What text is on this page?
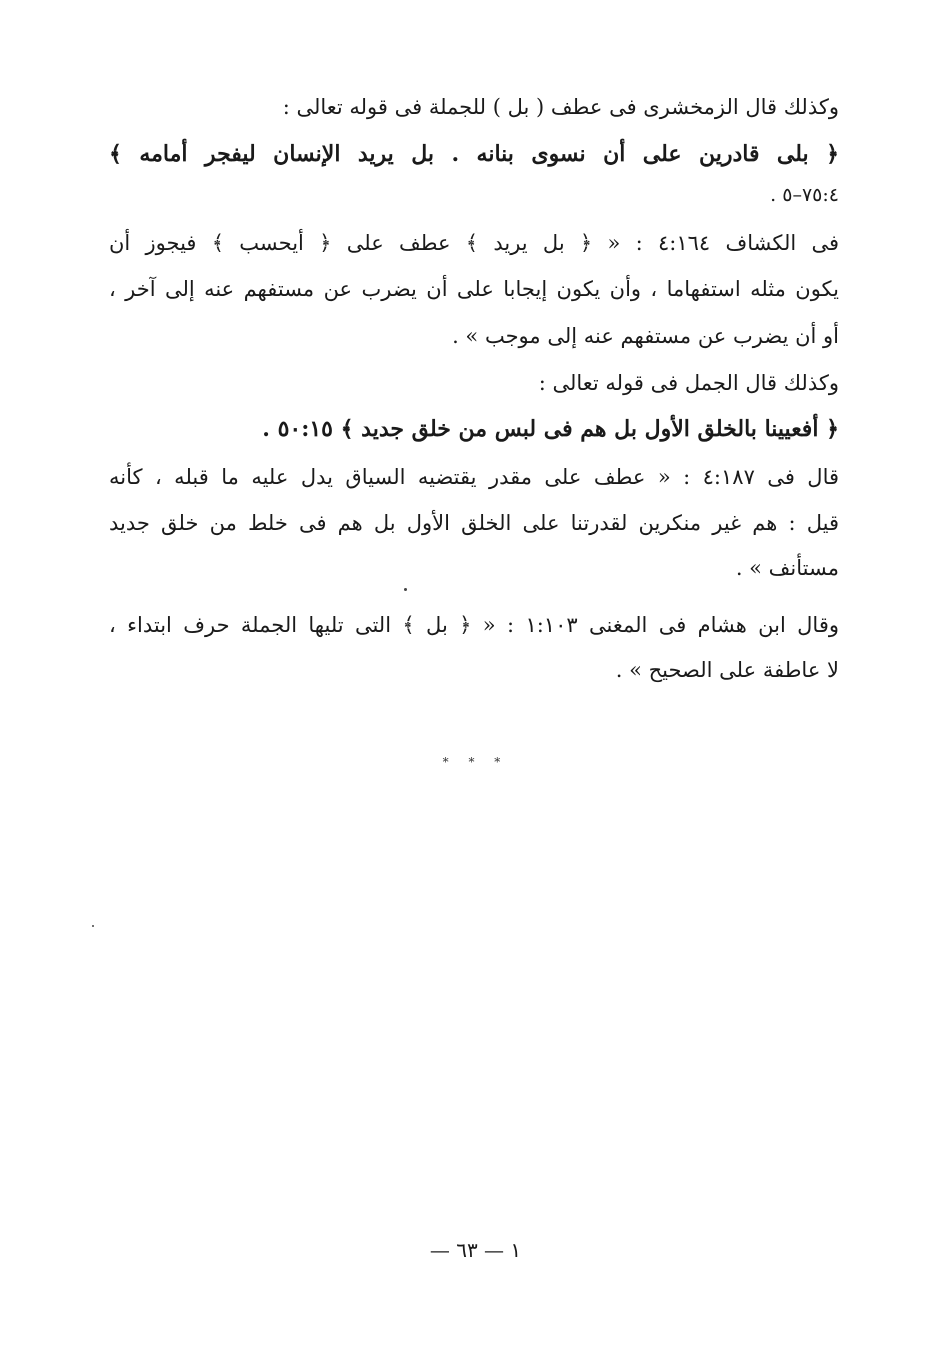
وكذلك قال الزمخشرى فى عطف ( بل ) للجملة فى قوله تعالى :
﴿ بلى قادرين على أن نسوى بنانه . بل يريد الإنسان ليفجر أمامه ﴾
٧٥:٤–٥ .
فى الكشاف ٤:١٦٤ : « ﴿ بل يريد ﴾ عطف على ﴿ أيحسب ﴾ فيجوز أن
يكون مثله استفهاما ، وأن يكون إيجابا على أن يضرب عن مستفهم عنه إلى آخر ،
أو أن يضرب عن مستفهم عنه إلى موجب » .
وكذلك قال الجمل فى قوله تعالى :
﴿ أفعيينا بالخلق الأول بل هم فى لبس من خلق جديد ﴾ ٥٠:١٥ .
قال فى ٤:١٨٧ : « عطف على مقدر يقتضيه السياق يدل عليه ما قبله ، كأنه
قيل : هم غير منكرين لقدرتنا على الخلق الأول بل هم فى خلط من خلق جديد
مستأنف » .
وقال ابن هشام فى المغنى ١:١٠٣ : « ﴿ بل ﴾ التى تليها الجملة حرف ابتداء ،
لا عاطفة على الصحيح » .
* * *
١ — ٦٣ —
